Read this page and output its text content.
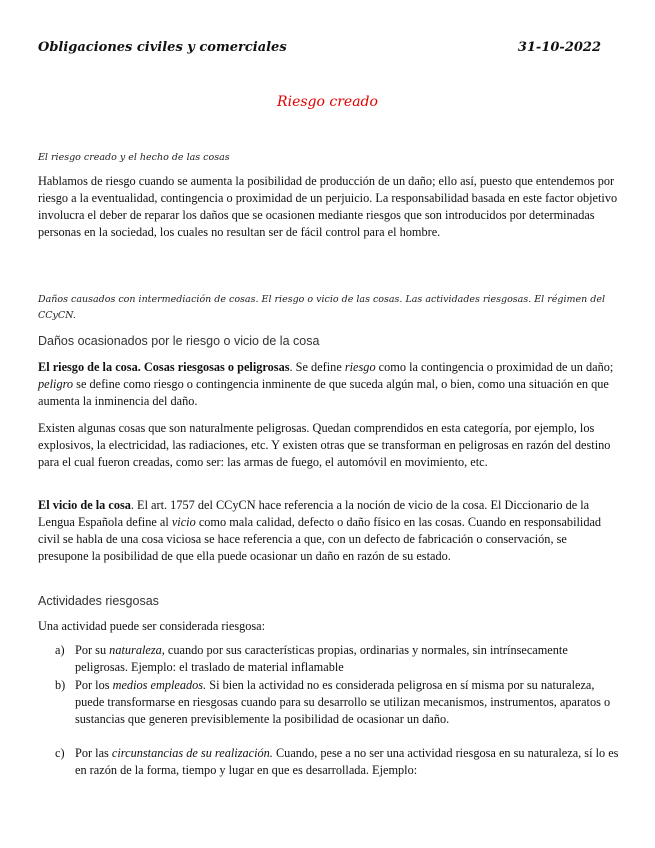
Obligaciones civiles y comerciales	31-10-2022
Riesgo creado
El riesgo creado y el hecho de las cosas

Hablamos de riesgo cuando se aumenta la posibilidad de producción de un daño; ello así, puesto que entendemos por riesgo a la eventualidad, contingencia o proximidad de un perjuicio. La responsabilidad basada en este factor objetivo involucra el deber de reparar los daños que se ocasionen mediante riesgos que son introducidos por determinadas personas en la sociedad, los cuales no resultan ser de fácil control para el hombre.

Daños causados con intermediación de cosas. El riesgo o vicio de las cosas. Las actividades riesgosas. El régimen del CCyCN.
Daños ocasionados por le riesgo o vicio de la cosa

El riesgo de la cosa. Cosas riesgosas o peligrosas. Se define riesgo como la contingencia o proximidad de un daño; peligro se define como riesgo o contingencia inminente de que suceda algún mal, o bien, como una situación en que aumenta la inminencia del daño.

Existen algunas cosas que son naturalmente peligrosas. Quedan comprendidos en esta categoría, por ejemplo, los explosivos, la electricidad, las radiaciones, etc. Y existen otras que se transforman en peligrosas en razón del destino para el cual fueron creadas, como ser: las armas de fuego, el automóvil en movimiento, etc.

El vicio de la cosa. El art. 1757 del CCyCN hace referencia a la noción de vicio de la cosa. El Diccionario de la Lengua Española define al vicio como mala calidad, defecto o daño físico en las cosas. Cuando en responsabilidad civil se habla de una cosa viciosa se hace referencia a que, con un defecto de fabricación o conservación, se presupone la posibilidad de que ella puede ocasionar un daño en razón de su estado.

Actividades riesgosas

Una actividad puede ser considerada riesgosa:

a) Por su naturaleza, cuando por sus características propias, ordinarias y normales, sin intrínsecamente peligrosas. Ejemplo: el traslado de material inflamable
b) Por los medios empleados. Si bien la actividad no es considerada peligrosa en sí misma por su naturaleza, puede transformarse en riesgosas cuando para su desarrollo se utilizan mecanismos, instrumentos, aparatos o sustancias que generen previsiblemente la posibilidad de ocasionar un daño.
c) Por las circunstancias de su realización. Cuando, pese a no ser una actividad riesgosa en su naturaleza, sí lo es en razón de la forma, tiempo y lugar en que es desarrollada. Ejemplo:
